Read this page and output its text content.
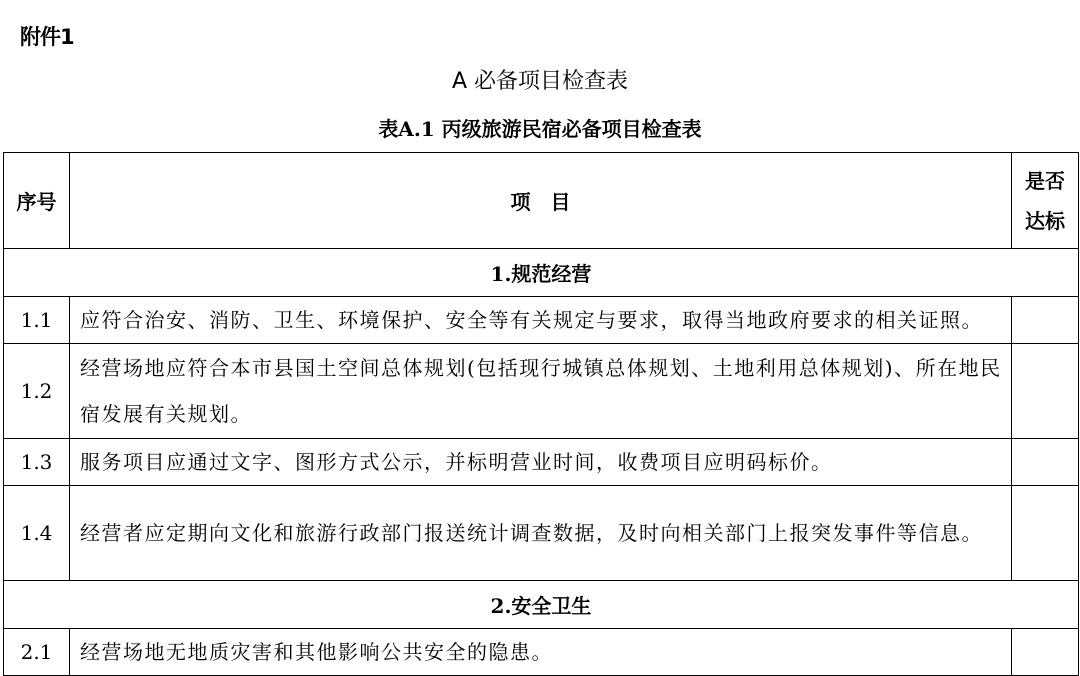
附件1
A 必备项目检查表
表A.1 丙级旅游民宿必备项目检查表
序号	项　目	是否
达标
1.规范经营		
1.1	应符合治安、消防、卫生、环境保护、安全等有关规定与要求，取得当地政府要求的相关证照。	
1.2	经营场地应符合本市县国土空间总体规划(包括现行城镇总体规划、土地利用总体规划)、所在地民宿发展有关规划。	
1.3	服务项目应通过文字、图形方式公示，并标明营业时间，收费项目应明码标价。	
1.4	经营者应定期向文化和旅游行政部门报送统计调查数据，及时向相关部门上报突发事件等信息。	
2.安全卫生		
2.1	经营场地无地质灾害和其他影响公共安全的隐患。	
